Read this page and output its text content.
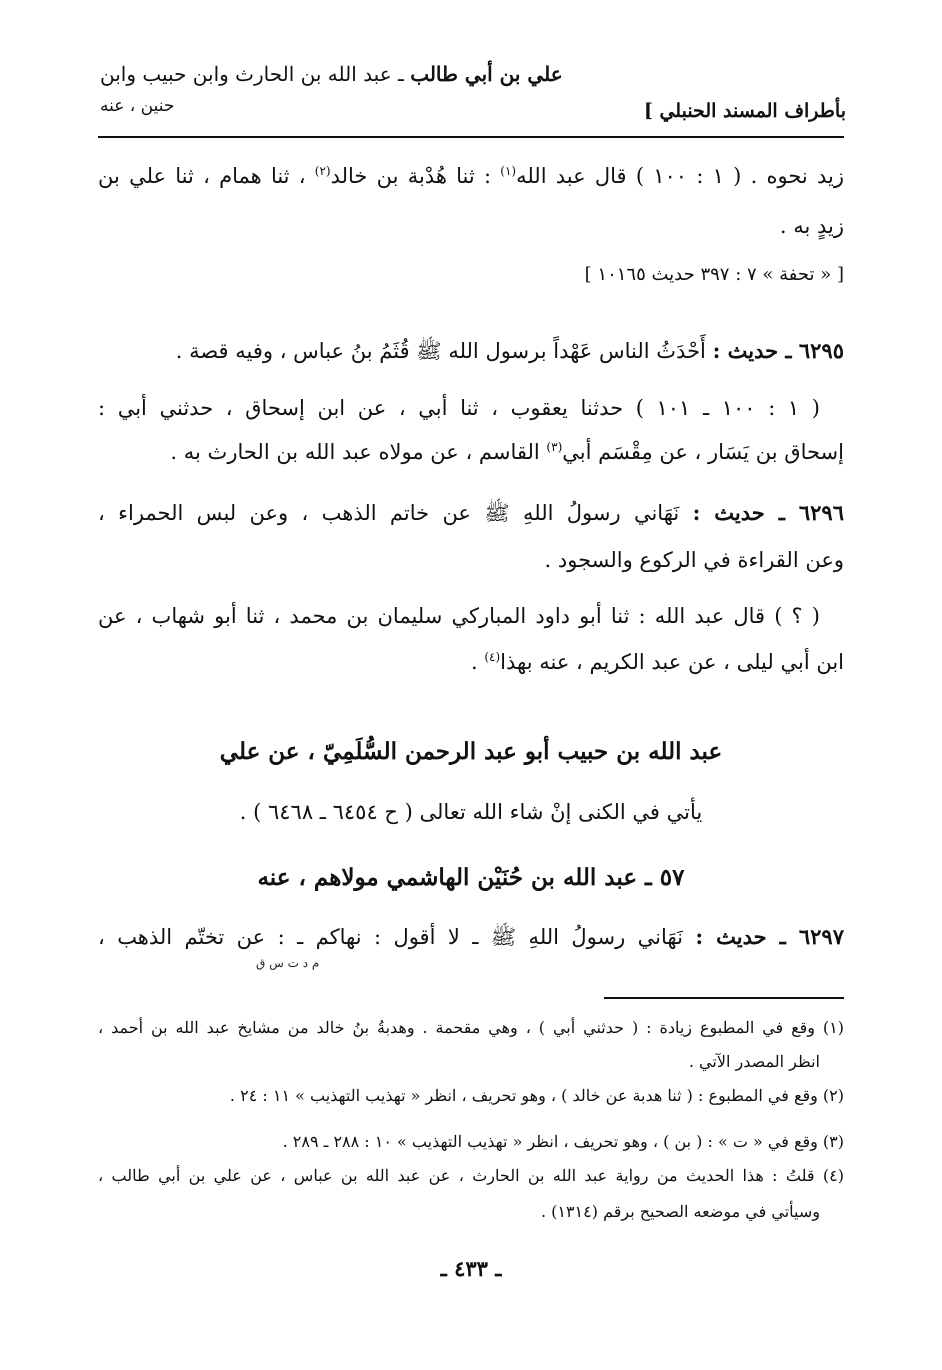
بأطراف المسند الحنبلي ]
علي بن أبي طالب ـ عبد الله بن الحارث وابن حبيب وابن
حنين ، عنه
زيد نحوه . ( ١ : ١٠٠ ) قال عبد الله$^{(١)}$ : ثنا هُدْبة بن خالد$^{(٢)}$ ، ثنا همام ، ثنا علي بن
زيدٍ به .
[ « تحفة » ٧ : ٣٩٧ حديث ١٠١٦٥ ]
٦٢٩٥ ـ حديث : أَحْدَثُ الناس عَهْداً برسول الله ﷺ قُثَمُ بنُ عباس ، وفيه قصة .
( ١ : ١٠٠ ـ ١٠١ ) حدثنا يعقوب ، ثنا أبي ، عن ابن إسحاق ، حدثني أبي :
إسحاق بن يَسَار ، عن مِقْسَم أبي$^{(٣)}$ القاسم ، عن مولاه عبد الله بن الحارث به .
٦٢٩٦ ـ حديث : نَهَاني رسولُ اللهِ ﷺ عن خاتم الذهب ، وعن لبس الحمراء ،
وعن القراءة في الركوع والسجود .
( ؟ ) قال عبد الله : ثنا أبو داود المباركي سليمان بن محمد ، ثنا أبو شهاب ، عن
ابن أبي ليلى ، عن عبد الكريم ، عنه بهذا$^{(٤)}$ .
عبد الله بن حبيب أبو عبد الرحمن السُّلَمِيّ ، عن علي
يأتي في الكنى إنْ شاء الله تعالى ( ح ٦٤٥٤ ـ ٦٤٦٨ ) .
٥٧ ـ عبد الله بن حُنَيْن الهاشمي مولاهم ، عنه
٦٢٩٧ ـ حديث : نَهَاني رسولُ اللهِ ﷺ ـ لا أقول : نهاكم ـ : عن تختّم الذهب ،
م د ت س ق
(١) وقع في المطبوع زيادة : ( حدثني أبي ) ، وهي مقحمة . وهدبةُ بنُ خالد من مشايخ عبد الله بن أحمد ،
انظر المصدر الآتي .
(٢) وقع في المطبوع : ( ثنا هدبة عن خالد ) ، وهو تحريف ، انظر « تهذيب التهذيب » ١١ : ٢٤ .
(٣) وقع في « ت » : ( بن ) ، وهو تحريف ، انظر « تهذيب التهذيب » ١٠ : ٢٨٨ ـ ٢٨٩ .
(٤) قلتُ : هذا الحديث من رواية عبد الله بن الحارث ، عن عبد الله بن عباس ، عن علي بن أبي طالب ،
وسيأتي في موضعه الصحيح برقم (١٣١٤) .
ـ ٤٣٣ ـ
